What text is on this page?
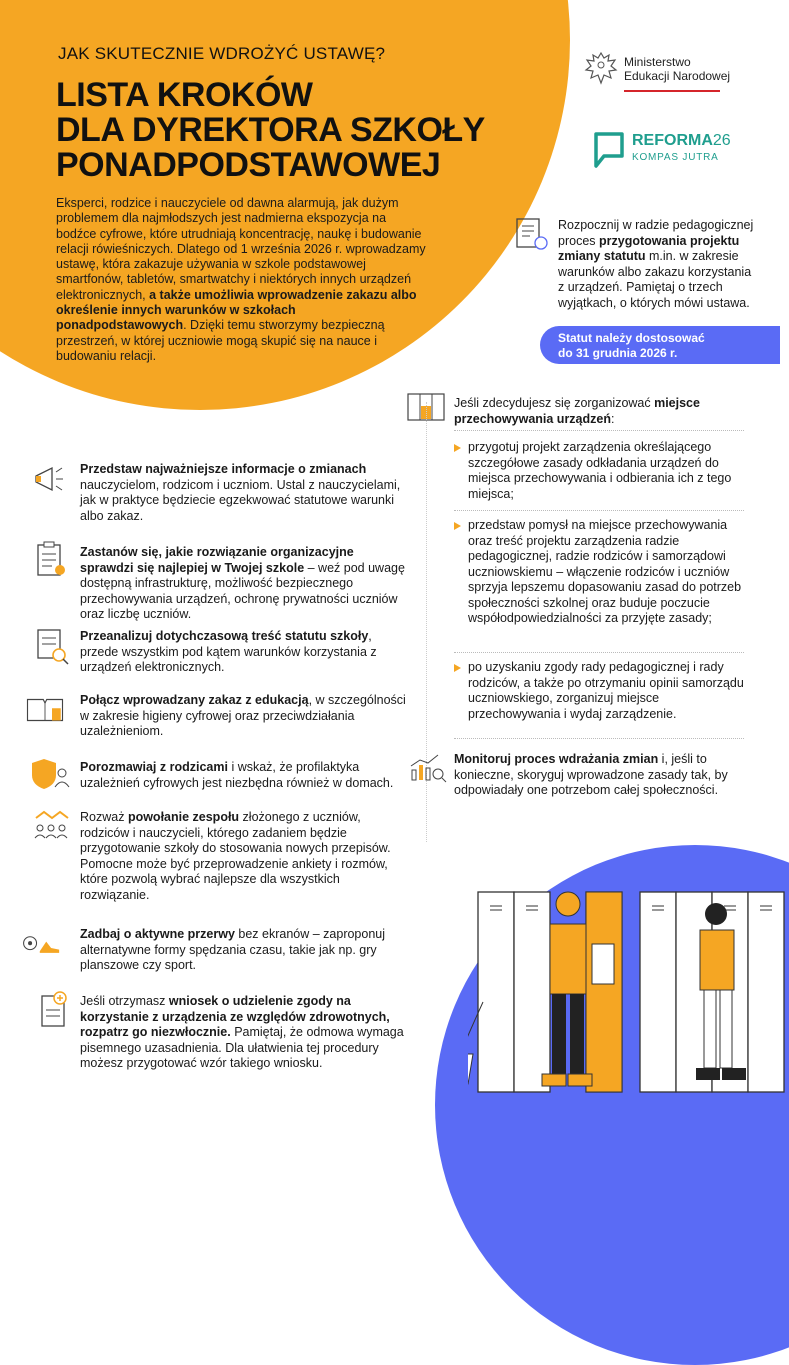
JAK SKUTECZNIE WDROŻYĆ USTAWĘ?
LISTA KROKÓW
DLA DYREKTORA SZKOŁY
PONADPODSTAWOWEJ
Eksperci, rodzice i nauczyciele od dawna alarmują, jak dużym problemem dla najmłodszych jest nadmierna ekspozycja na bodźce cyfrowe, które utrudniają koncentrację, naukę i budowanie relacji rówieśniczych. Dlatego od 1 września 2026 r. wprowadzamy ustawę, która zakazuje używania w szkole podstawowej smartfonów, tabletów, smartwatchy i niektórych innych urządzeń elektronicznych, a także umożliwia wprowadzenie zakazu albo określenie innych warunków w szkołach ponadpodstawowych. Dzięki temu stworzymy bezpieczną przestrzeń, w której uczniowie mogą skupić się na nauce i budowaniu relacji.
Ministerstwo
Edukacji Narodowej
REFORMA26
KOMPAS JUTRA
Rozpocznij w radzie pedagogicznej proces przygotowania projektu zmiany statutu m.in. w zakresie warunków albo zakazu korzystania z urządzeń. Pamiętaj o trzech wyjątkach, o których mówi ustawa.
Statut należy dostosować
do 31 grudnia 2026 r.
Jeśli zdecydujesz się zorganizować miejsce przechowywania urządzeń:
przygotuj projekt zarządzenia określającego szczegółowe zasady odkładania urządzeń do miejsca przechowywania i odbierania ich z tego miejsca;
przedstaw pomysł na miejsce przechowywania oraz treść projektu zarządzenia radzie pedagogicznej, radzie rodziców i samorządowi uczniowskiemu – włączenie rodziców i uczniów sprzyja lepszemu dopasowaniu zasad do potrzeb społeczności szkolnej oraz buduje poczucie współodpowiedzialności za przyjęte zasady;
po uzyskaniu zgody rady pedagogicznej i rady rodziców, a także po otrzymaniu opinii samorządu uczniowskiego, zorganizuj miejsce przechowywania i wydaj zarządzenie.
Monitoruj proces wdrażania zmian i, jeśli to konieczne, skoryguj wprowadzone zasady tak, by odpowiadały one potrzebom całej społeczności.
Przedstaw najważniejsze informacje o zmianach nauczycielom, rodzicom i uczniom. Ustal z nauczycielami, jak w praktyce będziecie egzekwować statutowe warunki albo zakaz.
Zastanów się, jakie rozwiązanie organizacyjne sprawdzi się najlepiej w Twojej szkole – weź pod uwagę dostępną infrastrukturę, możliwość bezpiecznego przechowywania urządzeń, ochronę prywatności uczniów oraz liczbę uczniów.
Przeanalizuj dotychczasową treść statutu szkoły, przede wszystkim pod kątem warunków korzystania z urządzeń elektronicznych.
Połącz wprowadzany zakaz z edukacją, w szczególności w zakresie higieny cyfrowej oraz przeciwdziałania uzależnieniom.
Porozmawiaj z rodzicami i wskaż, że profilaktyka uzależnień cyfrowych jest niezbędna również w domach.
Rozważ powołanie zespołu złożonego z uczniów, rodziców i nauczycieli, którego zadaniem będzie przygotowanie szkoły do stosowania nowych przepisów. Pomocne może być przeprowadzenie ankiety i rozmów, które pozwolą wybrać najlepsze dla wszystkich rozwiązanie.
Zadbaj o aktywne przerwy bez ekranów – zaproponuj alternatywne formy spędzania czasu, takie jak np. gry planszowe czy sport.
Jeśli otrzymasz wniosek o udzielenie zgody na korzystanie z urządzenia ze względów zdrowotnych, rozpatrz go niezwłocznie. Pamiętaj, że odmowa wymaga pisemnego uzasadnienia. Dla ułatwienia tej procedury możesz przygotować wzór takiego wniosku.
